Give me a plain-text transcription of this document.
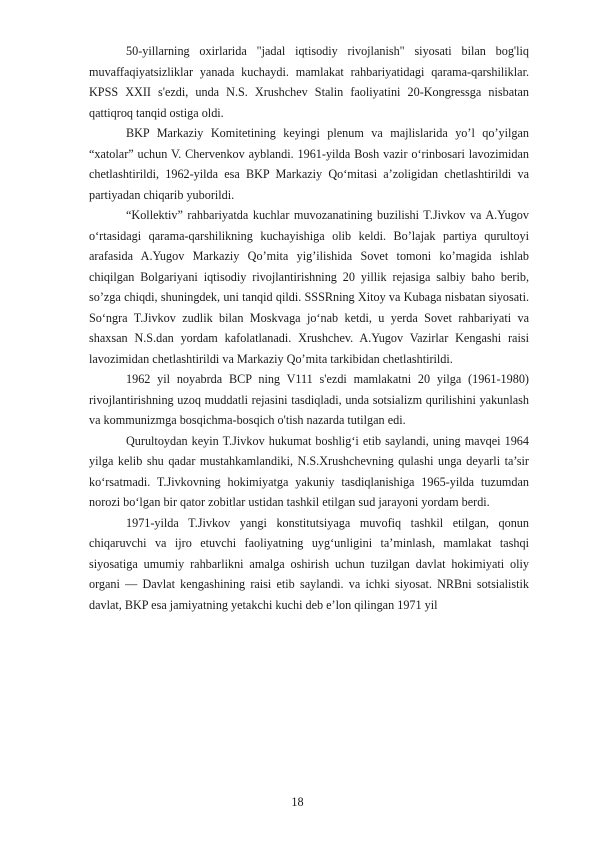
50-yillarning oxirlarida "jadal iqtisodiy rivojlanish" siyosati bilan bog'liq muvaffaqiyatsizliklar yanada kuchaydi. mamlakat rahbariyatidagi qarama-qarshiliklar. KPSS XXII s'ezdi, unda N.S. Xrushchev Stalin faoliyatini 20-Kongressga nisbatan qattiqroq tanqid ostiga oldi.

BKP Markaziy Komitetining keyingi plenum va majlislarida yo’l qo’yilgan “xatolar” uchun V. Chervenkov ayblandi. 1961-yilda Bosh vazir o‘rinbosari lavozimidan chetlashtirildi, 1962-yilda esa BKP Markaziy Qo‘mitasi a’zoligidan chetlashtirildi va partiyadan chiqarib yuborildi.

“Kollektiv” rahbariyatda kuchlar muvozanatining buzilishi T.Jivkov va A.Yugov o‘rtasidagi qarama-qarshilikning kuchayishiga olib keldi. Bo’lajak partiya qurultoyi arafasida A.Yugov Markaziy Qo’mita yig’ilishida Sovet tomoni ko’magida ishlab chiqilgan Bolgariyani iqtisodiy rivojlantirishning 20 yillik rejasiga salbiy baho berib, so’zga chiqdi, shuningdek, uni tanqid qildi. SSSRning Xitoy va Kubaga nisbatan siyosati. So‘ngra T.Jivkov zudlik bilan Moskvaga jo‘nab ketdi, u yerda Sovet rahbariyati va shaxsan N.S.dan yordam kafolatlanadi. Xrushchev. A.Yugov Vazirlar Kengashi raisi lavozimidan chetlashtirildi va Markaziy Qo’mita tarkibidan chetlashtirildi.

1962 yil noyabrda BCP ning V111 s'ezdi mamlakatni 20 yilga (1961-1980) rivojlantirishning uzoq muddatli rejasini tasdiqladi, unda sotsializm qurilishini yakunlash va kommunizmga bosqichma-bosqich o'tish nazarda tutilgan edi.

Qurultoydan keyin T.Jivkov hukumat boshlig‘i etib saylandi, uning mavqei 1964 yilga kelib shu qadar mustahkamlandiki, N.S.Xrushchevning qulashi unga deyarli ta’sir ko‘rsatmadi. T.Jivkovning hokimiyatga yakuniy tasdiqlanishiga 1965-yilda tuzumdan norozi bo‘lgan bir qator zobitlar ustidan tashkil etilgan sud jarayoni yordam berdi.

1971-yilda T.Jivkov yangi konstitutsiyaga muvofiq tashkil etilgan, qonun chiqaruvchi va ijro etuvchi faoliyatning uyg‘unligini ta’minlash, mamlakat tashqi siyosatiga umumiy rahbarlikni amalga oshirish uchun tuzilgan davlat hokimiyati oliy organi — Davlat kengashining raisi etib saylandi. va ichki siyosat. NRBni sotsialistik davlat, BKP esa jamiyatning yetakchi kuchi deb e’lon qilingan 1971 yil

18
